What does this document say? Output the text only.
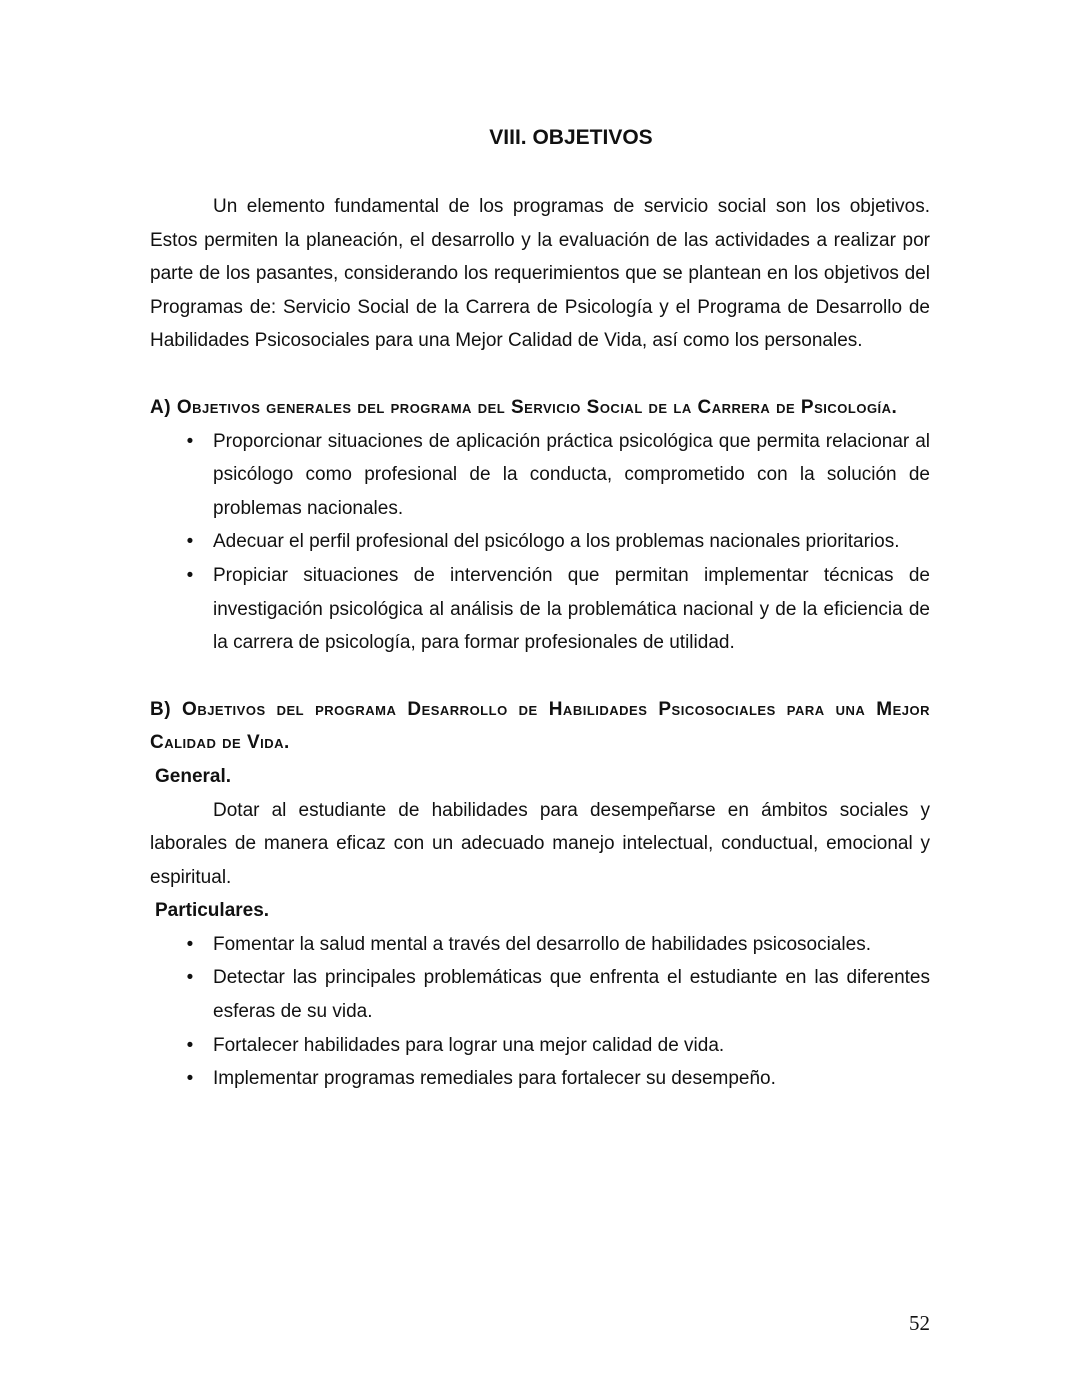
VIII. OBJETIVOS

Un elemento fundamental de los programas de servicio social son los objetivos. Estos permiten la planeación, el desarrollo y la evaluación de las actividades a realizar por parte de los pasantes, considerando los requerimientos que se plantean en los objetivos del Programas de: Servicio Social de la Carrera de Psicología y el Programa de Desarrollo de Habilidades Psicosociales para una Mejor Calidad de Vida, así como los personales.

A) Objetivos generales del programa del Servicio Social de la Carrera de Psicología.

•	Proporcionar situaciones de aplicación práctica psicológica que permita relacionar al psicólogo como profesional de la conducta, comprometido con la solución de problemas nacionales.
•	Adecuar el perfil profesional del psicólogo a los problemas nacionales prioritarios.
•	Propiciar situaciones de intervención que permitan implementar técnicas de investigación psicológica al análisis de la problemática nacional y de la eficiencia de la carrera de psicología, para formar profesionales de utilidad.

B) Objetivos del programa Desarrollo de Habilidades Psicosociales para una Mejor Calidad de Vida.

General.

Dotar al estudiante de habilidades para desempeñarse en ámbitos sociales y laborales de manera eficaz con un adecuado manejo intelectual, conductual, emocional y espiritual.

Particulares.
•	Fomentar la salud mental a través del desarrollo de habilidades psicosociales.
•	Detectar las principales problemáticas que enfrenta el estudiante en las diferentes esferas de su vida.
•	Fortalecer habilidades para lograr una mejor calidad de vida.
•	Implementar programas remediales para fortalecer su desempeño.
52
